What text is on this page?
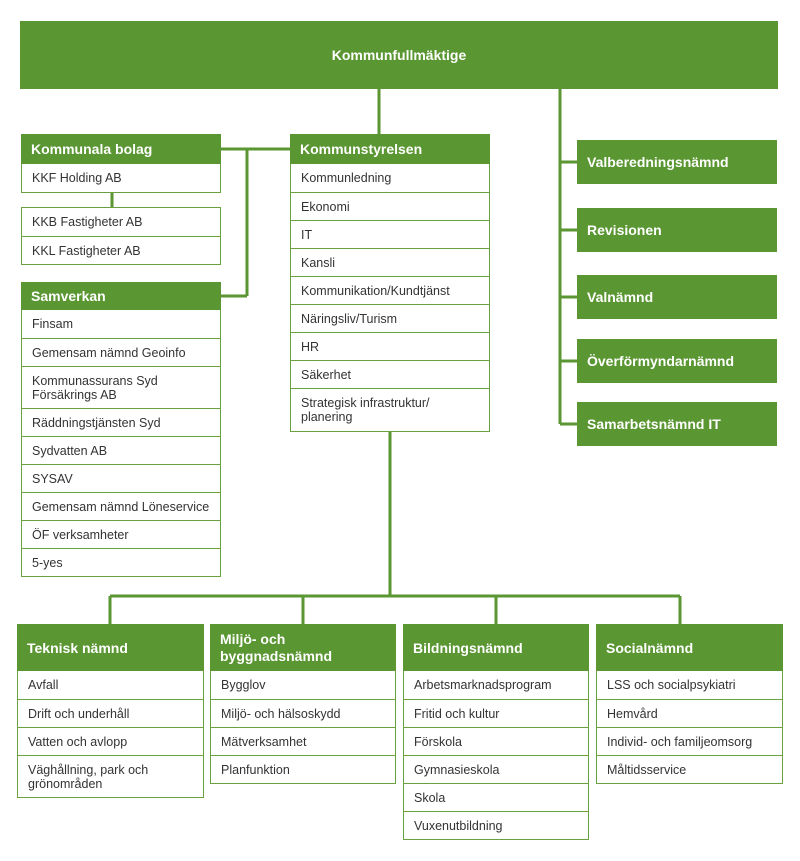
Kommunfullmäktige
Kommunala bolag
KKF Holding AB
KKB Fastigheter AB
KKL Fastigheter AB
Samverkan
Finsam
Gemensam nämnd Geoinfo
Kommunassurans Syd Försäkrings AB
Räddningstjänsten Syd
Sydvatten AB
SYSAV
Gemensam nämnd Löneservice
ÖF verksamheter
5-yes
Kommunstyrelsen
Kommunledning
Ekonomi
IT
Kansli
Kommunikation/Kundtjänst
Näringsliv/Turism
HR
Säkerhet
Strategisk infrastruktur/ planering
Valberedningsnämnd
Revisionen
Valnämnd
Överförmyndarnämnd
Samarbetsnämnd IT
Teknisk nämnd
Avfall
Drift och underhåll
Vatten och avlopp
Väghållning, park och grönområden
Miljö- och byggnadsnämnd
Bygglov
Miljö- och hälsoskydd
Mätverksamhet
Planfunktion
Bildningsnämnd
Arbetsmarknadsprogram
Fritid och kultur
Förskola
Gymnasieskola
Skola
Vuxenutbildning
Socialnämnd
LSS och socialpsykiatri
Hemvård
Individ- och familjeomsorg
Måltidsservice
